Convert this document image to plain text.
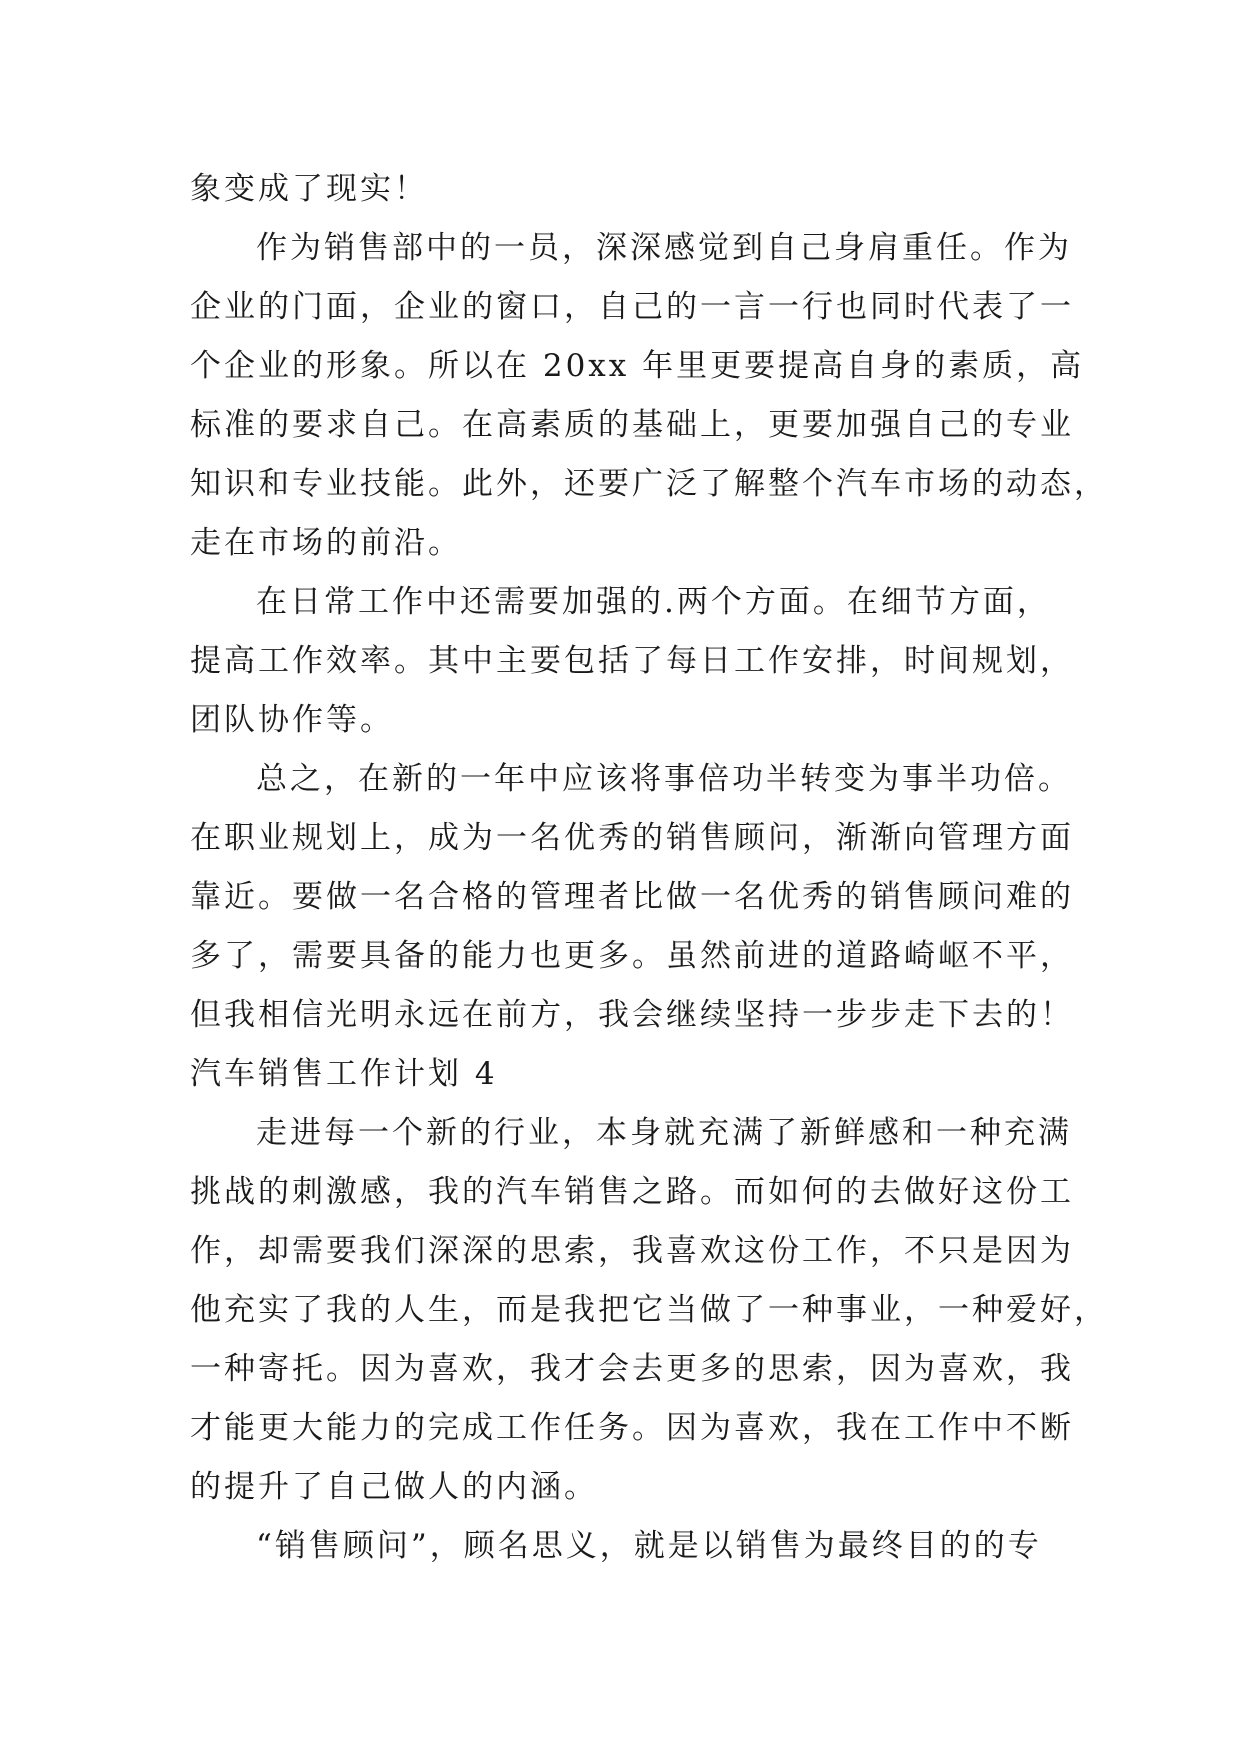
象变成了现实！
作为销售部中的一员，深深感觉到自己身肩重任。作为
企业的门面，企业的窗口，自己的一言一行也同时代表了一
个企业的形象。所以在 20xx 年里更要提高自身的素质，高
标准的要求自己。在高素质的基础上，更要加强自己的专业
知识和专业技能。此外，还要广泛了解整个汽车市场的动态，
走在市场的前沿。
在日常工作中还需要加强的.两个方面。在细节方面，
提高工作效率。其中主要包括了每日工作安排，时间规划，
团队协作等。
总之，在新的一年中应该将事倍功半转变为事半功倍。
在职业规划上，成为一名优秀的销售顾问，渐渐向管理方面
靠近。要做一名合格的管理者比做一名优秀的销售顾问难的
多了，需要具备的能力也更多。虽然前进的道路崎岖不平，
但我相信光明永远在前方，我会继续坚持一步步走下去的！
汽车销售工作计划 4
走进每一个新的行业，本身就充满了新鲜感和一种充满
挑战的刺激感，我的汽车销售之路。而如何的去做好这份工
作，却需要我们深深的思索，我喜欢这份工作，不只是因为
他充实了我的人生，而是我把它当做了一种事业，一种爱好，
一种寄托。因为喜欢，我才会去更多的思索，因为喜欢，我
才能更大能力的完成工作任务。因为喜欢，我在工作中不断
的提升了自己做人的内涵。
“销售顾问”，顾名思义，就是以销售为最终目的的专
